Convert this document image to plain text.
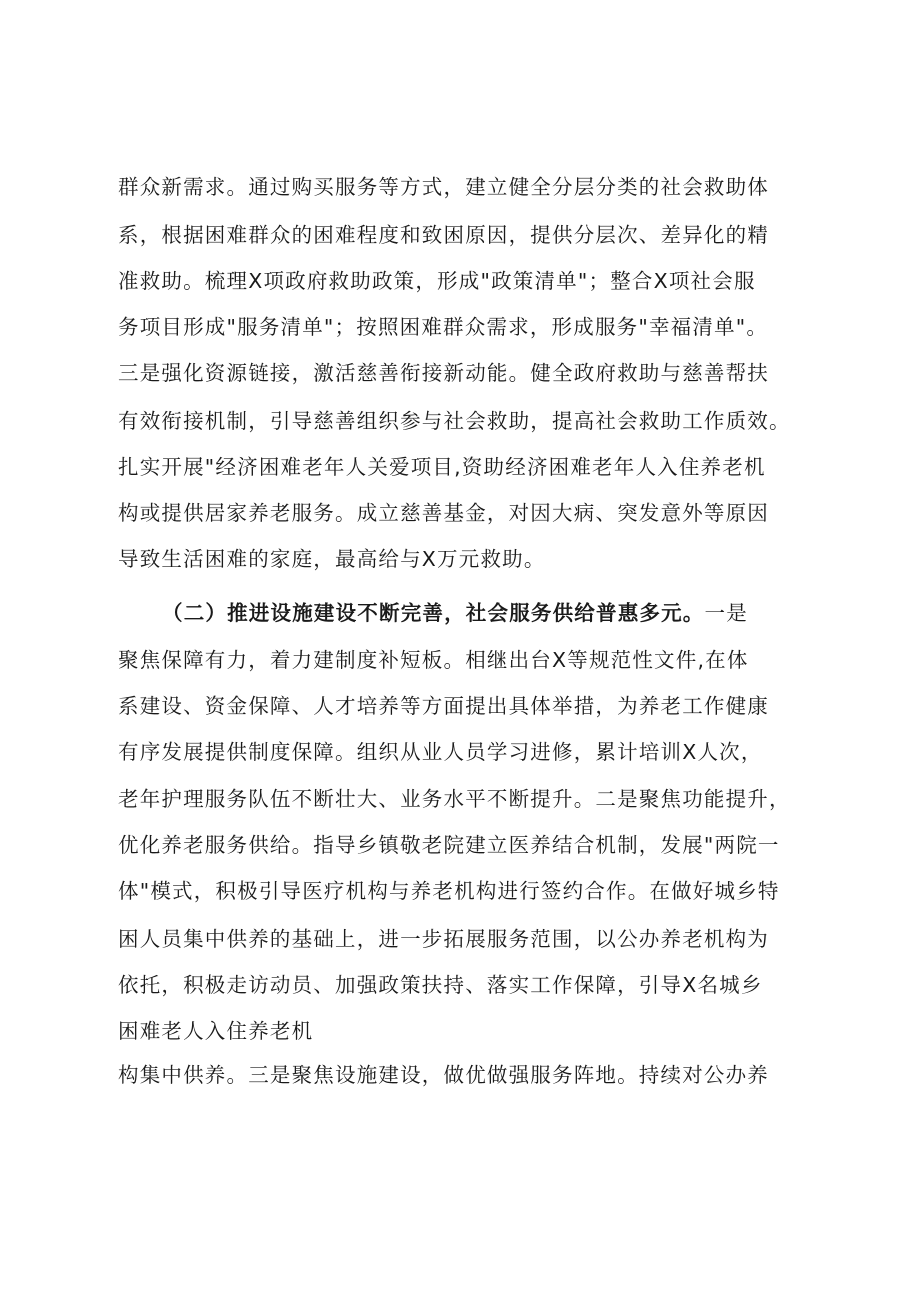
群众新需求。通过购买服务等方式，建立健全分层分类的社会救助体
系，根据困难群众的困难程度和致困原因，提供分层次、差异化的精
准救助。梳理X项政府救助政策，形成"政策清单"；整合X项社会服
务项目形成"服务清单"；按照困难群众需求，形成服务"幸福清单"。
三是强化资源链接，激活慈善衔接新动能。健全政府救助与慈善帮扶
有效衔接机制，引导慈善组织参与社会救助，提高社会救助工作质效。
扎实开展"经济困难老年人关爱项目,资助经济困难老年人入住养老机
构或提供居家养老服务。成立慈善基金，对因大病、突发意外等原因
导致生活困难的家庭，最高给与X万元救助。
（二）推进设施建设不断完善，社会服务供给普惠多元。一是
聚焦保障有力，着力建制度补短板。相继出台X等规范性文件,在体
系建设、资金保障、人才培养等方面提出具体举措，为养老工作健康
有序发展提供制度保障。组织从业人员学习进修，累计培训X人次，
老年护理服务队伍不断壮大、业务水平不断提升。二是聚焦功能提升，
优化养老服务供给。指导乡镇敬老院建立医养结合机制，发展"两院一
体"模式，积极引导医疗机构与养老机构进行签约合作。在做好城乡特
困人员集中供养的基础上，进一步拓展服务范围，以公办养老机构为
依托，积极走访动员、加强政策扶持、落实工作保障，引导X名城乡
困难老人入住养老机
构集中供养。三是聚焦设施建设，做优做强服务阵地。持续对公办养
